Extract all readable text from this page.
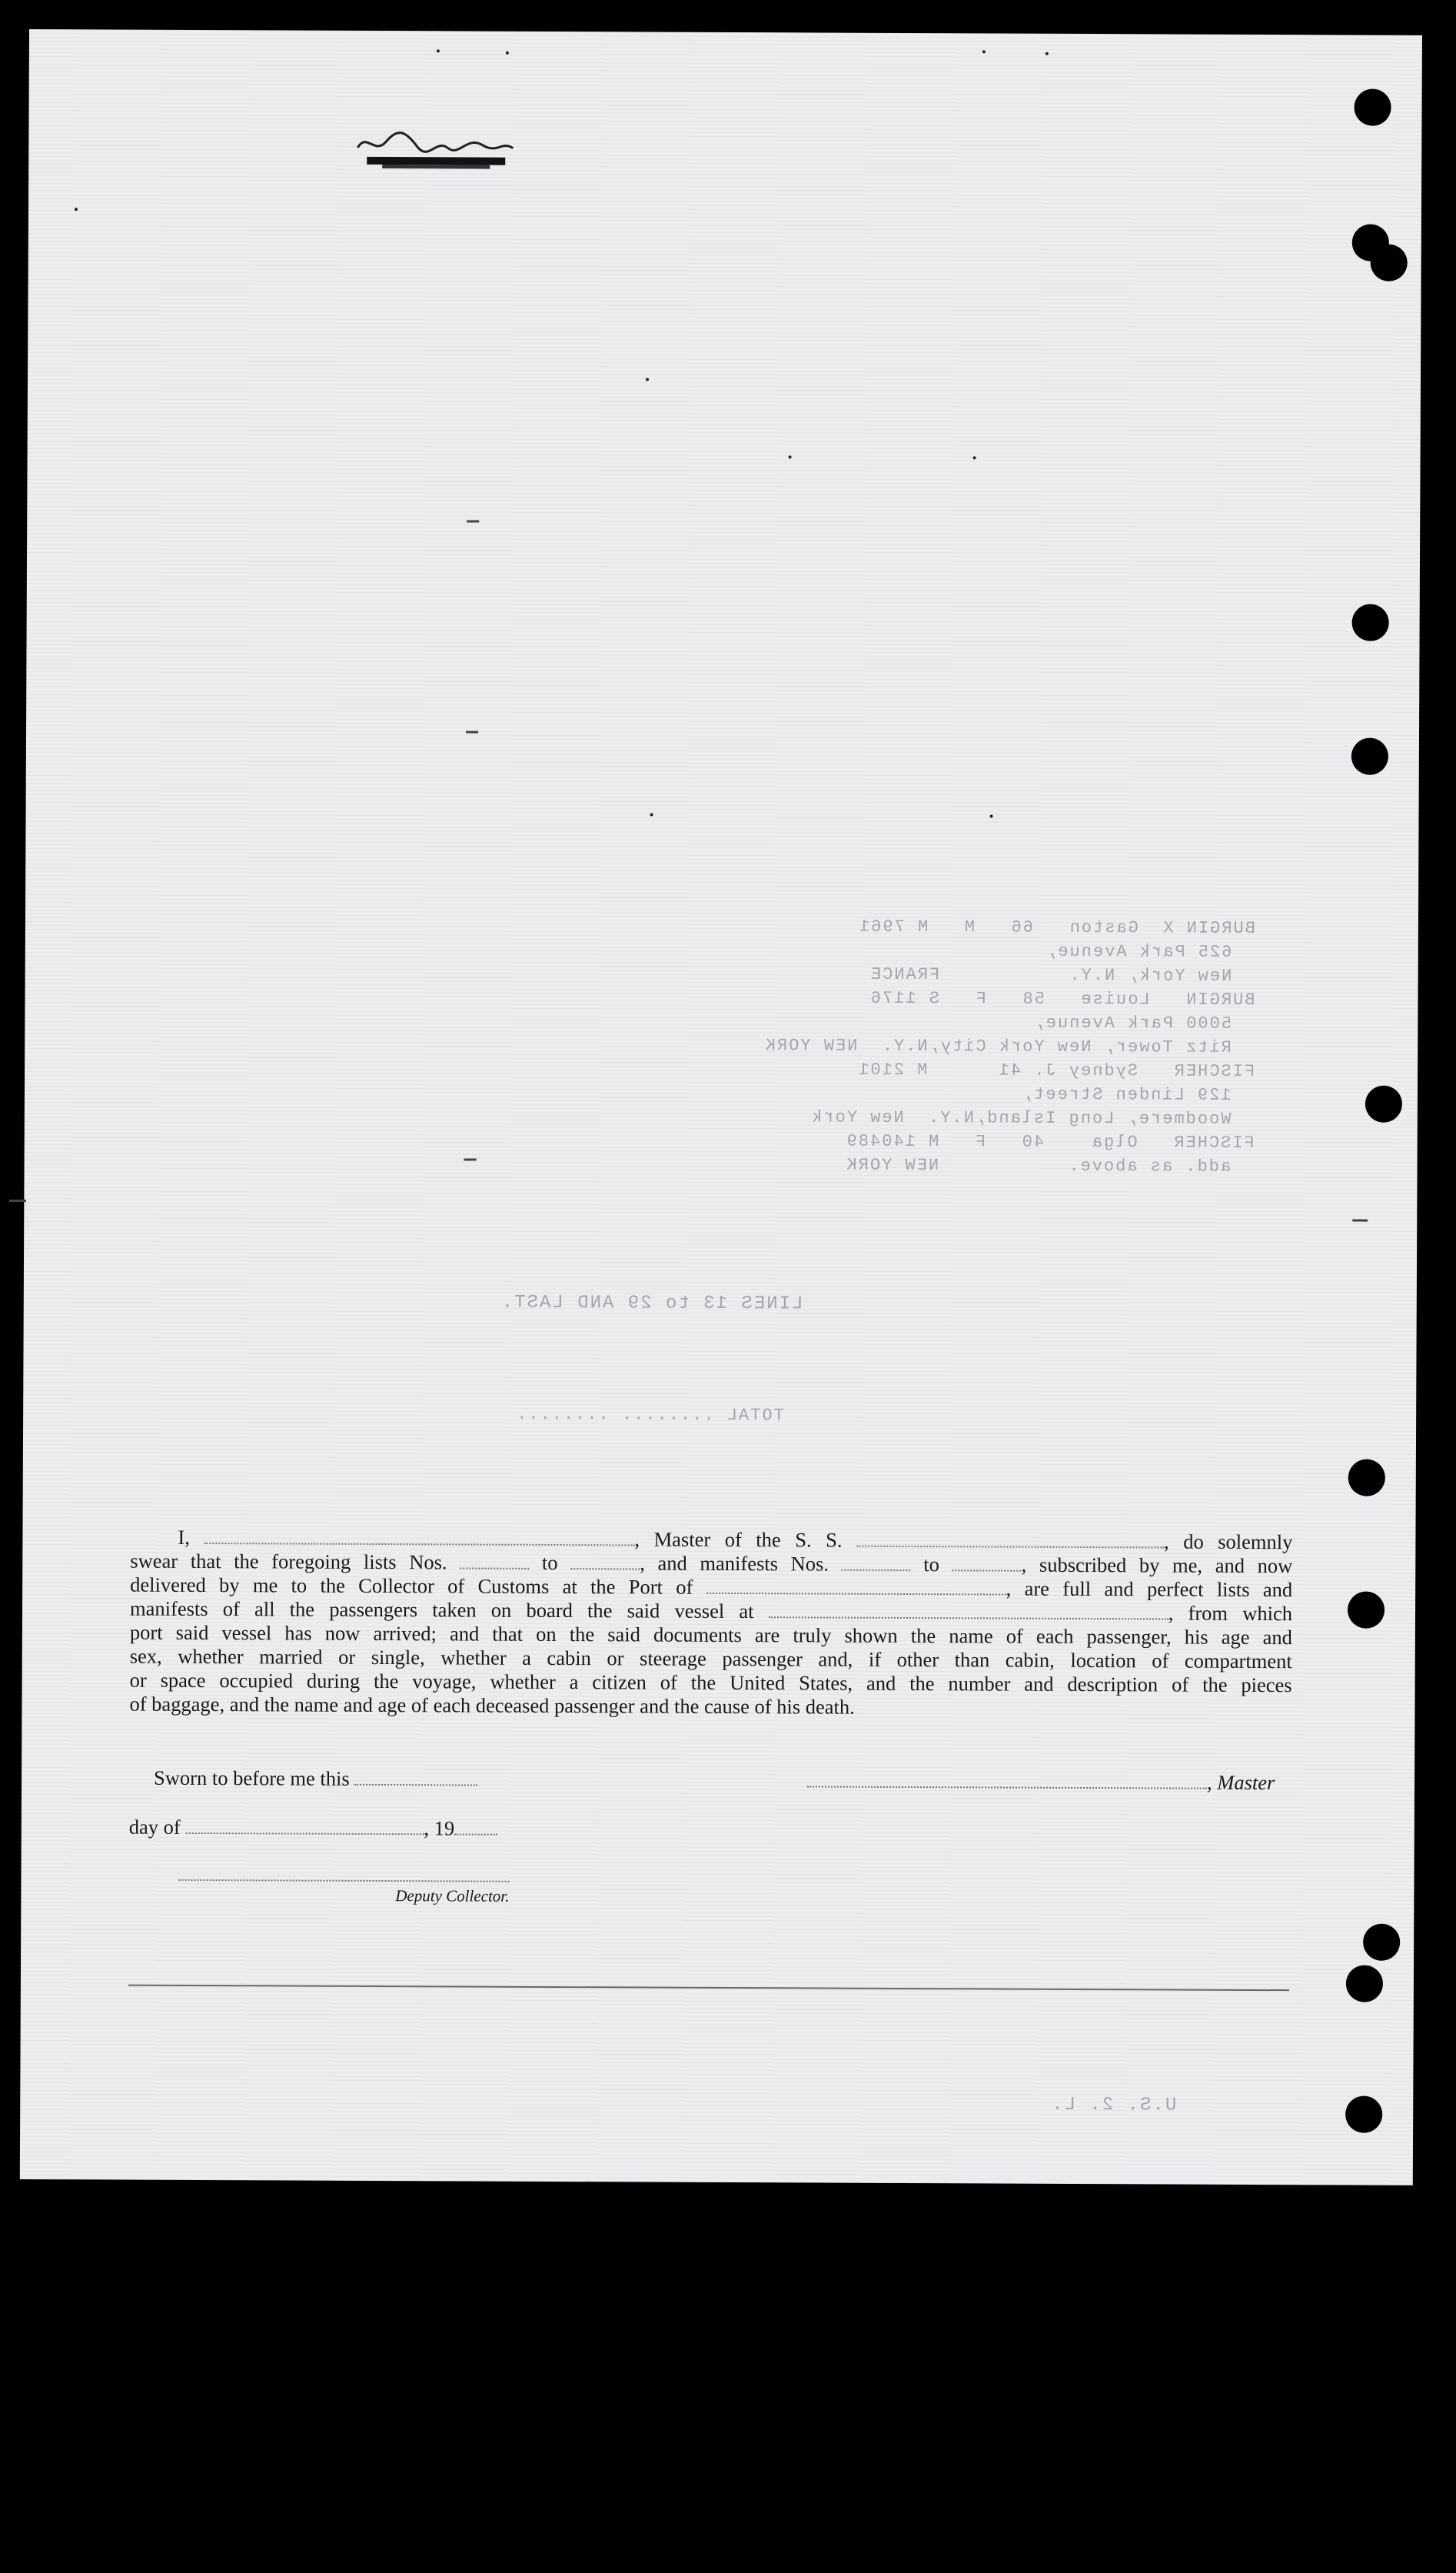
BURGIN X  Gaston   66   M   M 7961

625 Park Avenue,

New York, N.Y.           FRANCE

BURGIN   Louise   58   F   S 1176

5000 Park Avenue,

Ritz Tower, New York City,N.Y.  NEW YORK

FISCHER   Sydney J. 41      M 2101

129 Linden Street,

Woodmere, Long Island,N.Y.  New York

FISCHER   Olga    40   F   M 140489

add. as above.           NEW YORK

LINES 13 to 29 AND LAST.
TOTAL ........ ........
U.S. 2. L.
I,	, Master of the S. S.	, do solemnly
swear that the foregoing lists Nos.	to	, and manifests Nos.	to	, subscribed by me, and now
delivered by me to the Collector of Customs at the Port of	, are full and perfect lists and
manifests of all the passengers taken on board the said vessel at	, from which
port said vessel has now arrived; and that on the said documents are truly shown the name of each passenger, his age and
sex, whether married or single, whether a cabin or steerage passenger and, if other than cabin, location of compartment
or space occupied during the voyage, whether a citizen of the United States, and the number and description of the pieces
of baggage, and the name and age of each deceased passenger and the cause of his death.
Sworn to before me this	, Master
day of	, 19
Deputy Collector.
